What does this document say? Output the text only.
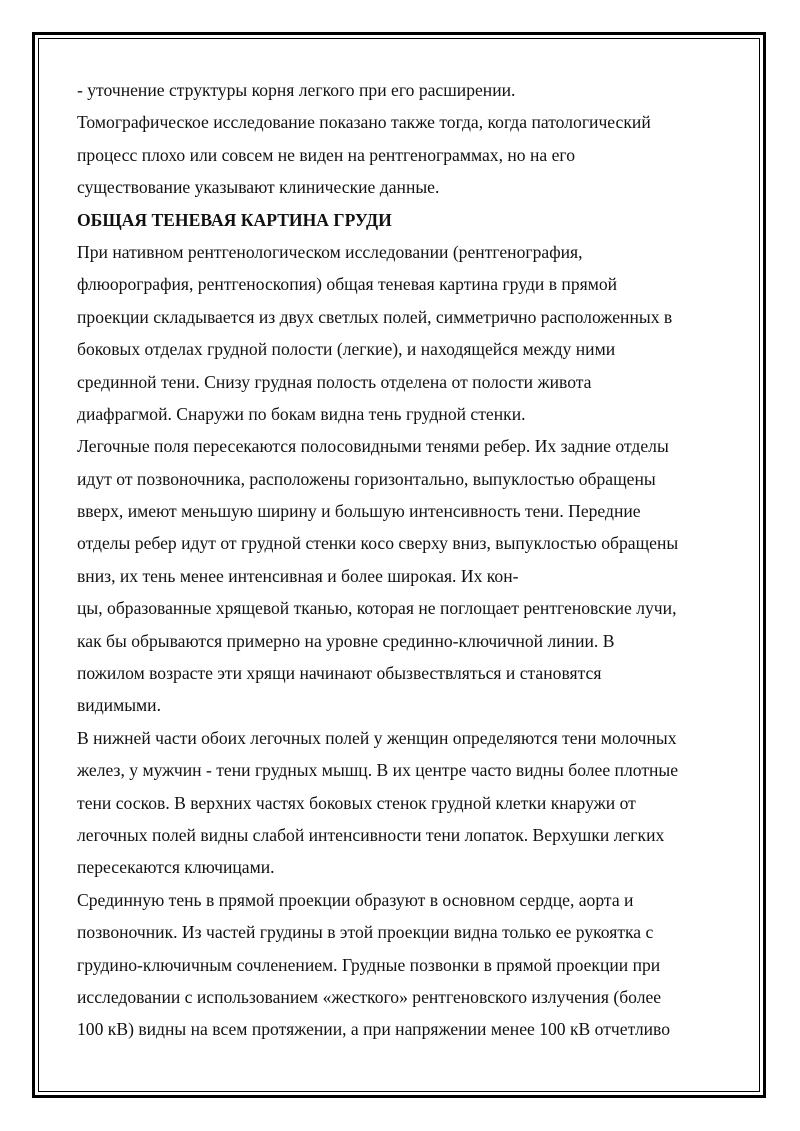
- уточнение структуры корня легкого при его расширении.
Томографическое исследование показано также тогда, когда патологический
процесс плохо или совсем не виден на рентгенограммах, но на его
существование указывают клинические данные.
ОБЩАЯ ТЕНЕВАЯ КАРТИНА ГРУДИ
При нативном рентгенологическом исследовании (рентгенография,
флюорография, рентгеноскопия) общая теневая картина груди в прямой
проекции складывается из двух светлых полей, симметрично расположенных в
боковых отделах грудной полости (легкие), и находящейся между ними
срединной тени. Снизу грудная полость отделена от полости живота
диафрагмой. Снаружи по бокам видна тень грудной стенки.
Легочные поля пересекаются полосовидными тенями ребер. Их задние отделы
идут от позвоночника, расположены горизонтально, выпуклостью обращены
вверх, имеют меньшую ширину и большую интенсивность тени. Передние
отделы ребер идут от грудной стенки косо сверху вниз, выпуклостью обращены
вниз, их тень менее интенсивная и более широкая. Их кон-
цы, образованные хрящевой тканью, которая не поглощает рентгеновские лучи,
как бы обрываются примерно на уровне срединно-ключичной линии. В
пожилом возрасте эти хрящи начинают обызвествляться и становятся
видимыми.
В нижней части обоих легочных полей у женщин определяются тени молочных
желез, у мужчин - тени грудных мышц. В их центре часто видны более плотные
тени сосков. В верхних частях боковых стенок грудной клетки кнаружи от
легочных полей видны слабой интенсивности тени лопаток. Верхушки легких
пересекаются ключицами.
Срединную тень в прямой проекции образуют в основном сердце, аорта и
позвоночник. Из частей грудины в этой проекции видна только ее рукоятка с
грудино-ключичным сочленением. Грудные позвонки в прямой проекции при
исследовании с использованием «жесткого» рентгеновского излучения (более
100 кВ) видны на всем протяжении, а при напряжении менее 100 кВ отчетливо
